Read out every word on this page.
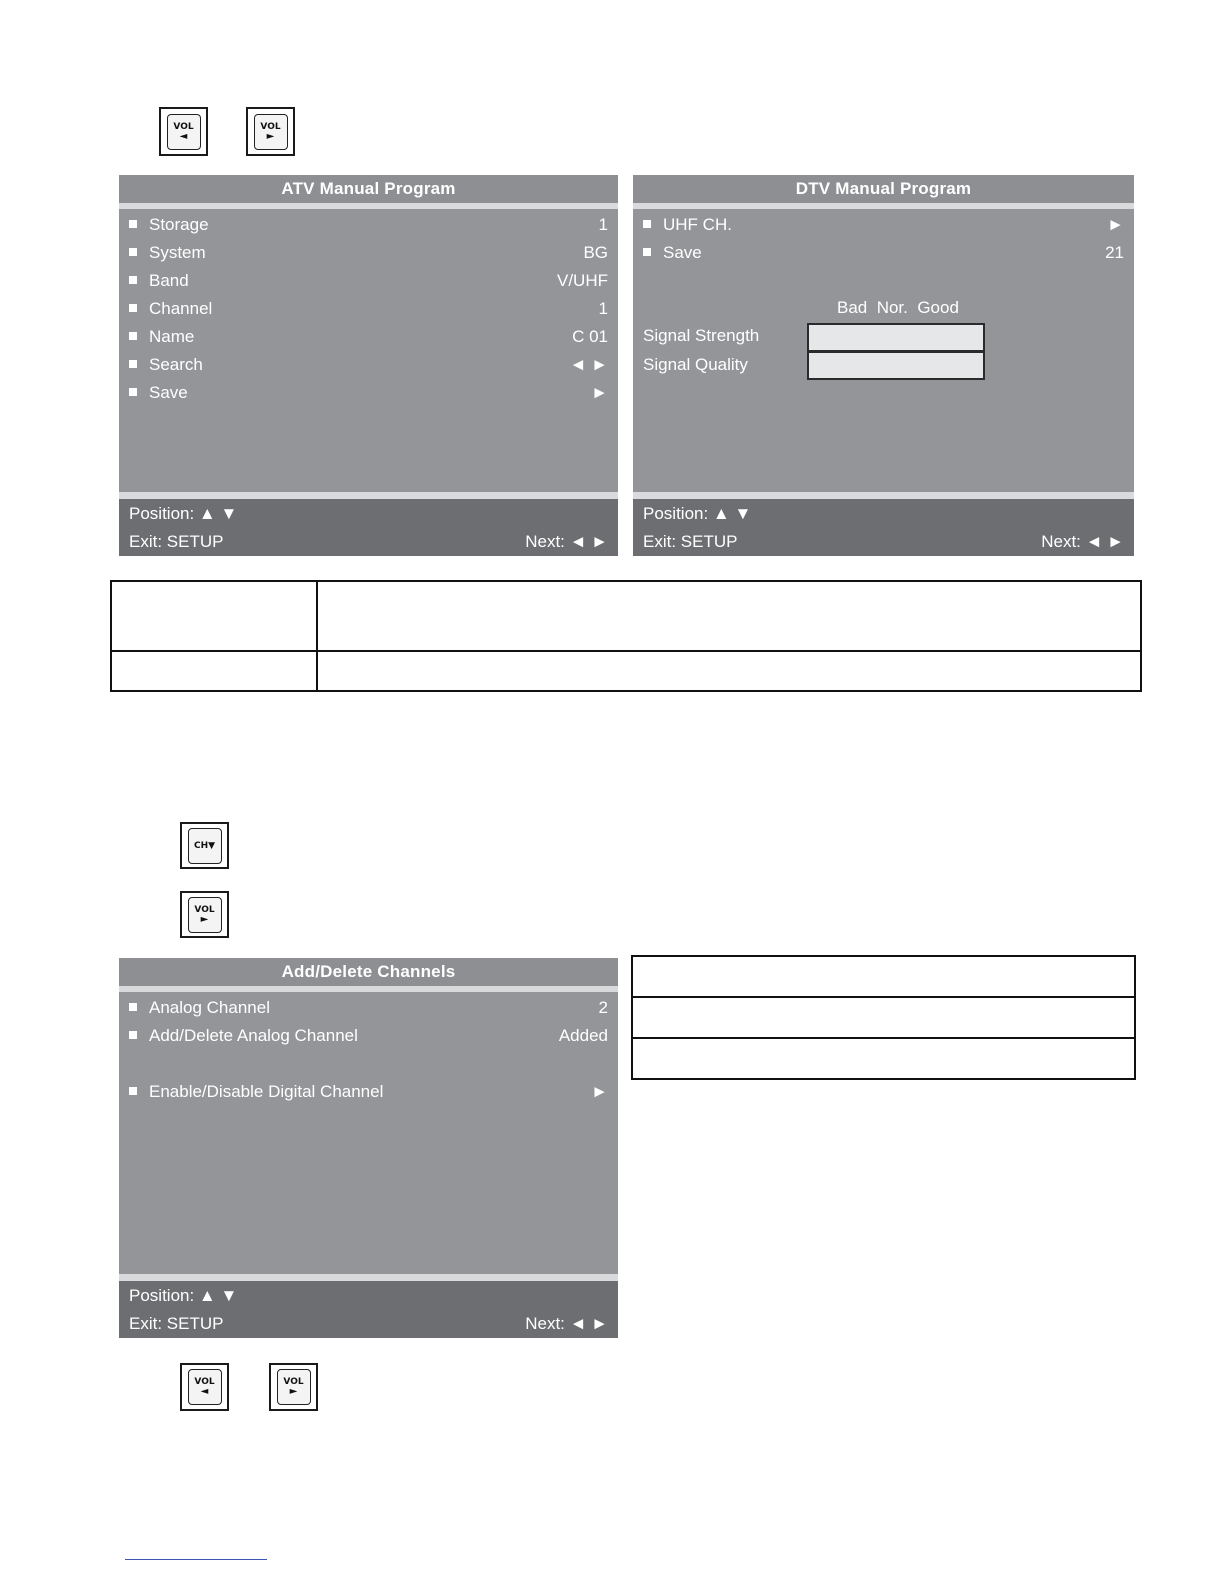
VOL
◄
VOL
►
ATV Manual Program
Storage	1
System	BG
Band	V/UHF
Channel	1
Name	C 01
Search	◄ ►
Save	►
Position: ▲ ▼
Exit: SETUP	Next: ◄ ►
DTV Manual Program
UHF CH.	►
Save	21
Bad  Nor.  Good
Signal Strength
Signal Quality
Position: ▲ ▼
Exit: SETUP	Next: ◄ ►

CH▼
VOL
►
Add/Delete Channels
Analog Channel	2
Add/Delete Analog Channel	Added
Enable/Disable Digital Channel	►
Position: ▲ ▼
Exit: SETUP	Next: ◄ ►

VOL
◄
VOL
►
